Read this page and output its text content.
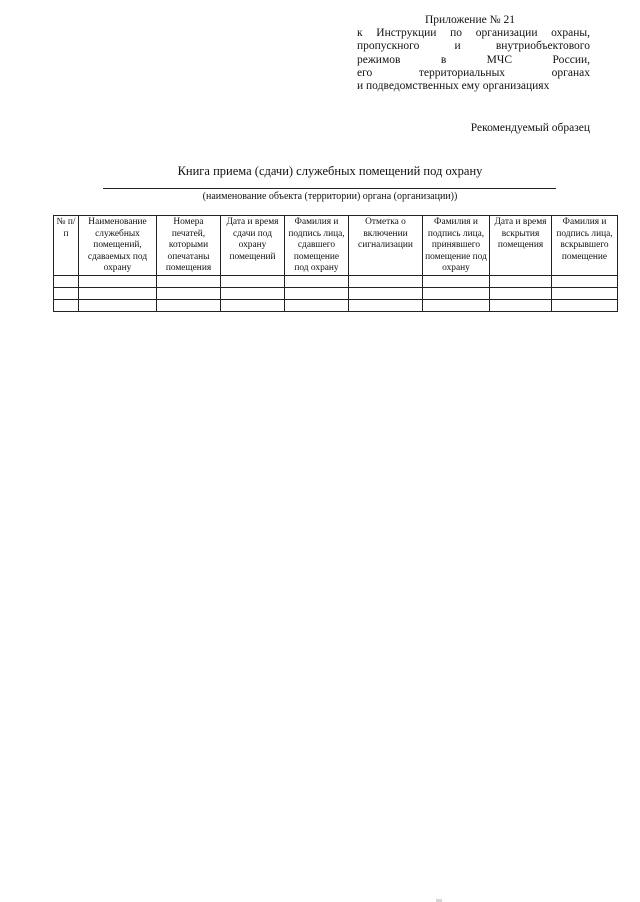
Приложение № 21
к Инструкции по организации охраны,
пропускного и внутриобъектового
режимов в МЧС России,
его территориальных органах
и подведомственных ему организациях
Рекомендуемый образец
Книга приема (сдачи) служебных помещений под охрану
(наименование объекта (территории) органа (организации))
№ п/п	Наименование служебных помещений, сдаваемых под охрану	Номера печатей, которыми опечатаны помещения	Дата и время сдачи под охрану помещений	Фамилия и подпись лица, сдавшего помещение под охрану	Отметка о включении сигнализации	Фамилия и подпись лица, принявшего помещение под охрану	Дата и время вскрытия помещения	Фамилия и подпись лица, вскрывшего помещение
